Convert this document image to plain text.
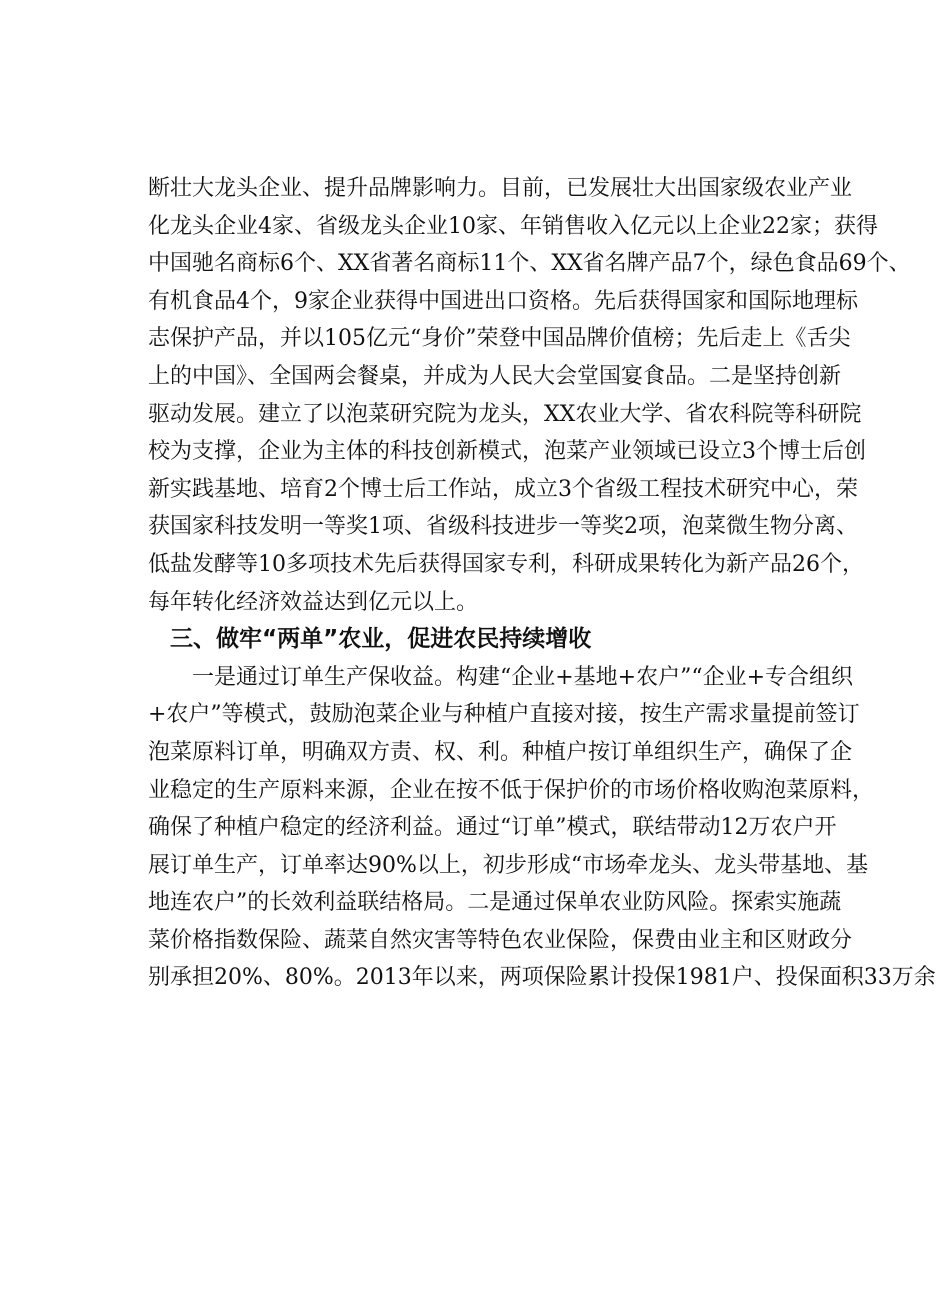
断壮大龙头企业、提升品牌影响力。目前，已发展壮大出国家级农业产业
化龙头企业4家、省级龙头企业10家、年销售收入亿元以上企业22家；获得
中国驰名商标6个、XX省著名商标11个、XX省名牌产品7个，绿色食品69个、
有机食品4个，9家企业获得中国进出口资格。先后获得国家和国际地理标
志保护产品，并以105亿元“身价”荣登中国品牌价值榜；先后走上《舌尖
上的中国》、全国两会餐桌，并成为人民大会堂国宴食品。二是坚持创新
驱动发展。建立了以泡菜研究院为龙头，XX农业大学、省农科院等科研院
校为支撑，企业为主体的科技创新模式，泡菜产业领域已设立3个博士后创
新实践基地、培育2个博士后工作站，成立3个省级工程技术研究中心，荣
获国家科技发明一等奖1项、省级科技进步一等奖2项，泡菜微生物分离、
低盐发酵等10多项技术先后获得国家专利，科研成果转化为新产品26个，
每年转化经济效益达到亿元以上。
三、做牢“两单”农业，促进农民持续增收
一是通过订单生产保收益。构建“企业+基地+农户”“企业+专合组织
+农户”等模式，鼓励泡菜企业与种植户直接对接，按生产需求量提前签订
泡菜原料订单，明确双方责、权、利。种植户按订单组织生产，确保了企
业稳定的生产原料来源，企业在按不低于保护价的市场价格收购泡菜原料，
确保了种植户稳定的经济利益。通过“订单”模式，联结带动12万农户开
展订单生产，订单率达90%以上，初步形成“市场牵龙头、龙头带基地、基
地连农户”的长效利益联结格局。二是通过保单农业防风险。探索实施蔬
菜价格指数保险、蔬菜自然灾害等特色农业保险，保费由业主和区财政分
别承担20%、80%。2013年以来，两项保险累计投保1981户、投保面积33万余
